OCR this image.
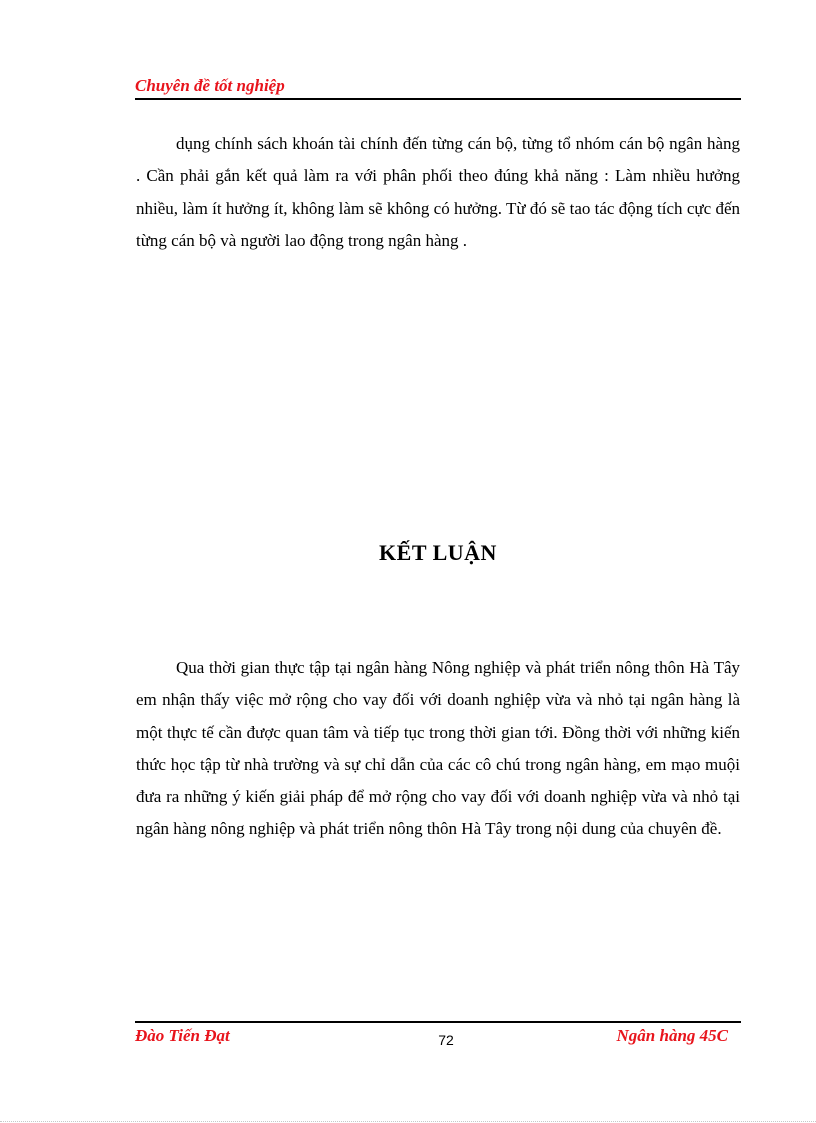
Chuyên đề tốt nghiệp

dụng chính sách khoán tài chính đến từng cán bộ, từng tổ nhóm cán bộ ngân hàng . Cần phải gắn kết quả làm ra với phân phối theo đúng khả năng : Làm nhiều hưởng nhiều, làm ít hưởng ít, không làm sẽ không có hưởng. Từ đó sẽ tao tác động tích cực đến từng cán bộ và người lao động trong ngân hàng .

KẾT LUẬN

Qua thời gian thực tập tại ngân hàng Nông nghiệp và phát triển nông thôn Hà Tây em nhận thấy việc mở rộng cho vay đối với doanh nghiệp vừa và nhỏ tại ngân hàng là một thực tế cần được quan tâm và tiếp tục trong thời gian tới. Đồng thời với những kiến thức học tập từ nhà trường và sự chỉ dẫn của các cô chú trong ngân hàng, em mạo muội đưa ra những ý kiến giải pháp để mở rộng cho vay đối với doanh nghiệp vừa và nhỏ tại ngân hàng nông nghiệp và phát triển nông thôn Hà Tây trong nội dung của chuyên đề.

Đào Tiến Đạt	72	Ngân hàng 45C
